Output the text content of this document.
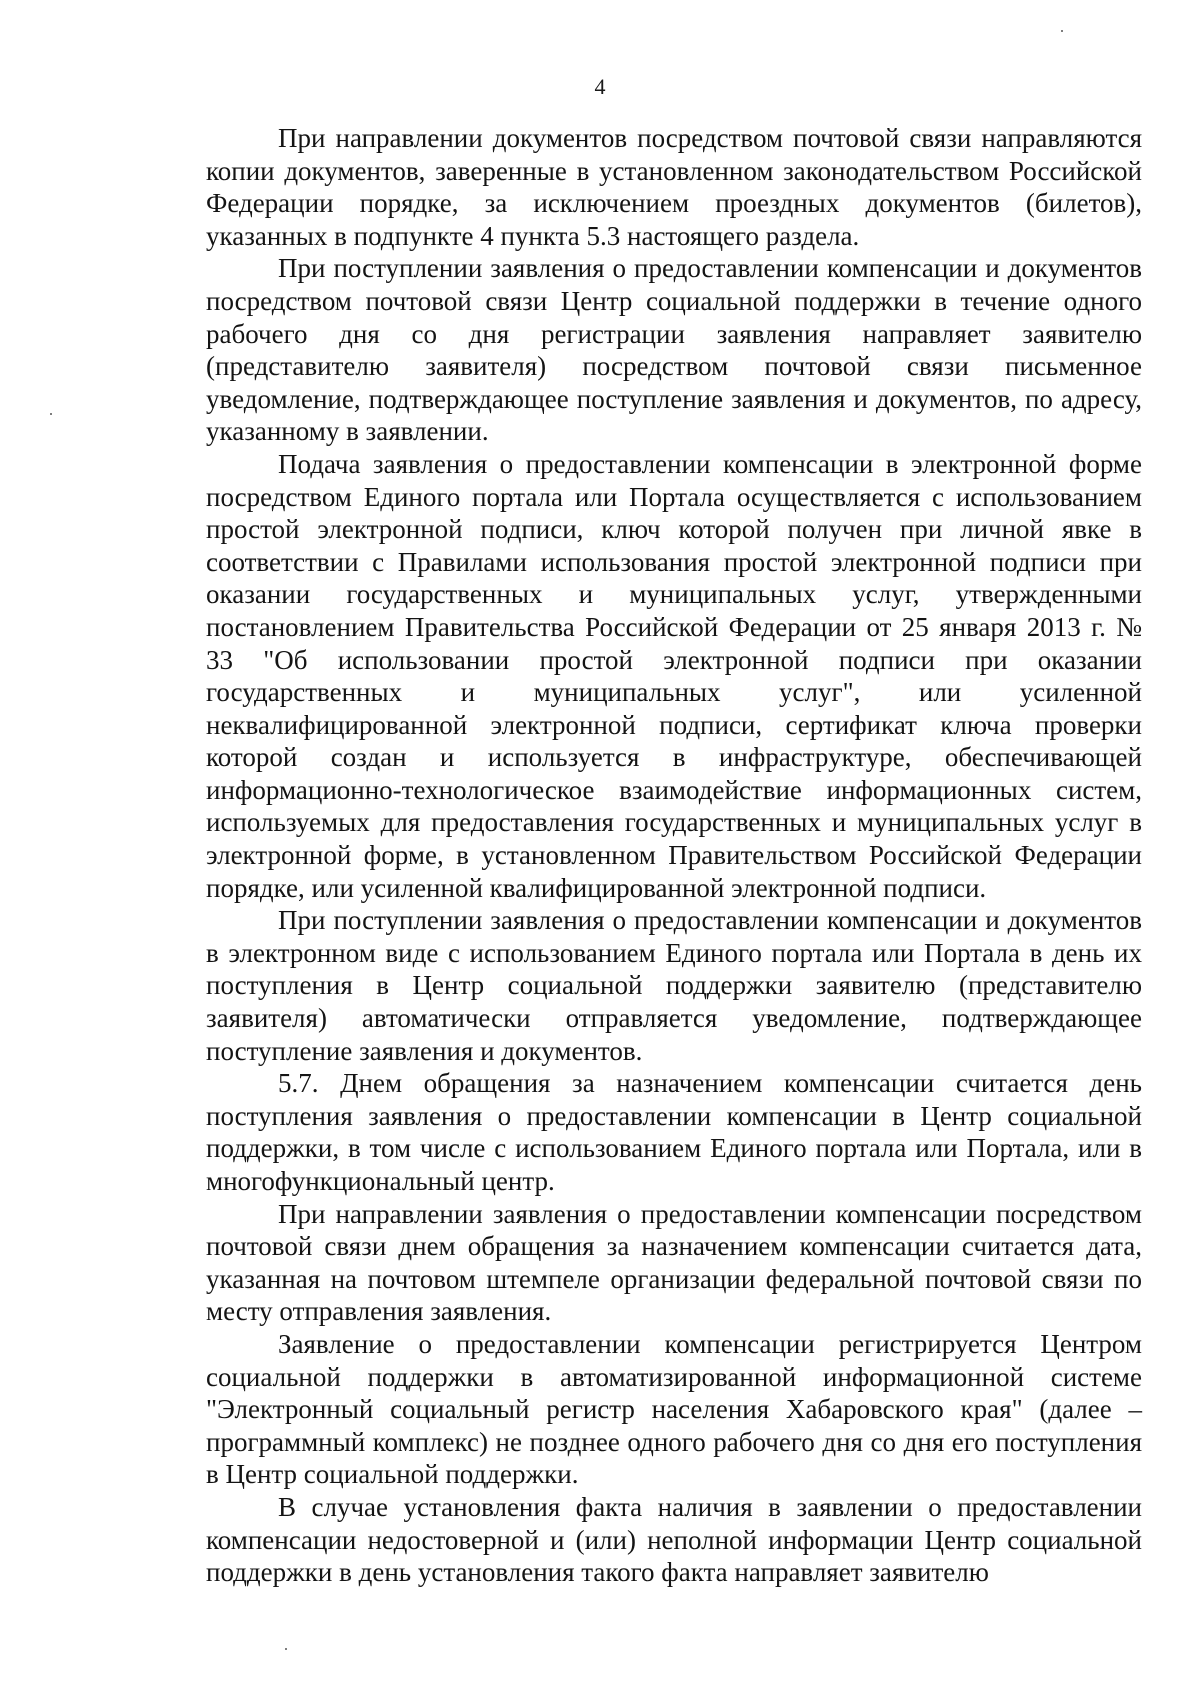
4

При направлении документов посредством почтовой связи направляются копии документов, заверенные в установленном законодательством Российской Федерации порядке, за исключением проездных документов (билетов), указанных в подпункте 4 пункта 5.3 настоящего раздела.

При поступлении заявления о предоставлении компенсации и документов посредством почтовой связи Центр социальной поддержки в течение одного рабочего дня со дня регистрации заявления направляет заявителю (представителю заявителя) посредством почтовой связи письменное уведомление, подтверждающее поступление заявления и документов, по адресу, указанному в заявлении.

Подача заявления о предоставлении компенсации в электронной форме посредством Единого портала или Портала осуществляется с использованием простой электронной подписи, ключ которой получен при личной явке в соответствии с Правилами использования простой электронной подписи при оказании государственных и муниципальных услуг, утвержденными постановлением Правительства Российской Федерации от 25 января 2013 г. № 33 "Об использовании простой электронной подписи при оказании государственных и муниципальных услуг", или усиленной неквалифицированной электронной подписи, сертификат ключа проверки которой создан и используется в инфраструктуре, обеспечивающей информационно-технологическое взаимодействие информационных систем, используемых для предоставления государственных и муниципальных услуг в электронной форме, в установленном Правительством Российской Федерации порядке, или усиленной квалифицированной электронной подписи.

При поступлении заявления о предоставлении компенсации и документов в электронном виде с использованием Единого портала или Портала в день их поступления в Центр социальной поддержки заявителю (представителю заявителя) автоматически отправляется уведомление, подтверждающее поступление заявления и документов.

5.7. Днем обращения за назначением компенсации считается день поступления заявления о предоставлении компенсации в Центр социальной поддержки, в том числе с использованием Единого портала или Портала, или в многофункциональный центр.

При направлении заявления о предоставлении компенсации посредством почтовой связи днем обращения за назначением компенсации считается дата, указанная на почтовом штемпеле организации федеральной почтовой связи по месту отправления заявления.

Заявление о предоставлении компенсации регистрируется Центром социальной поддержки в автоматизированной информационной системе "Электронный социальный регистр населения Хабаровского края" (далее – программный комплекс) не позднее одного рабочего дня со дня его поступления в Центр социальной поддержки.

В случае установления факта наличия в заявлении о предоставлении компенсации недостоверной и (или) неполной информации Центр социальной поддержки в день установления такого факта направляет заявителю
